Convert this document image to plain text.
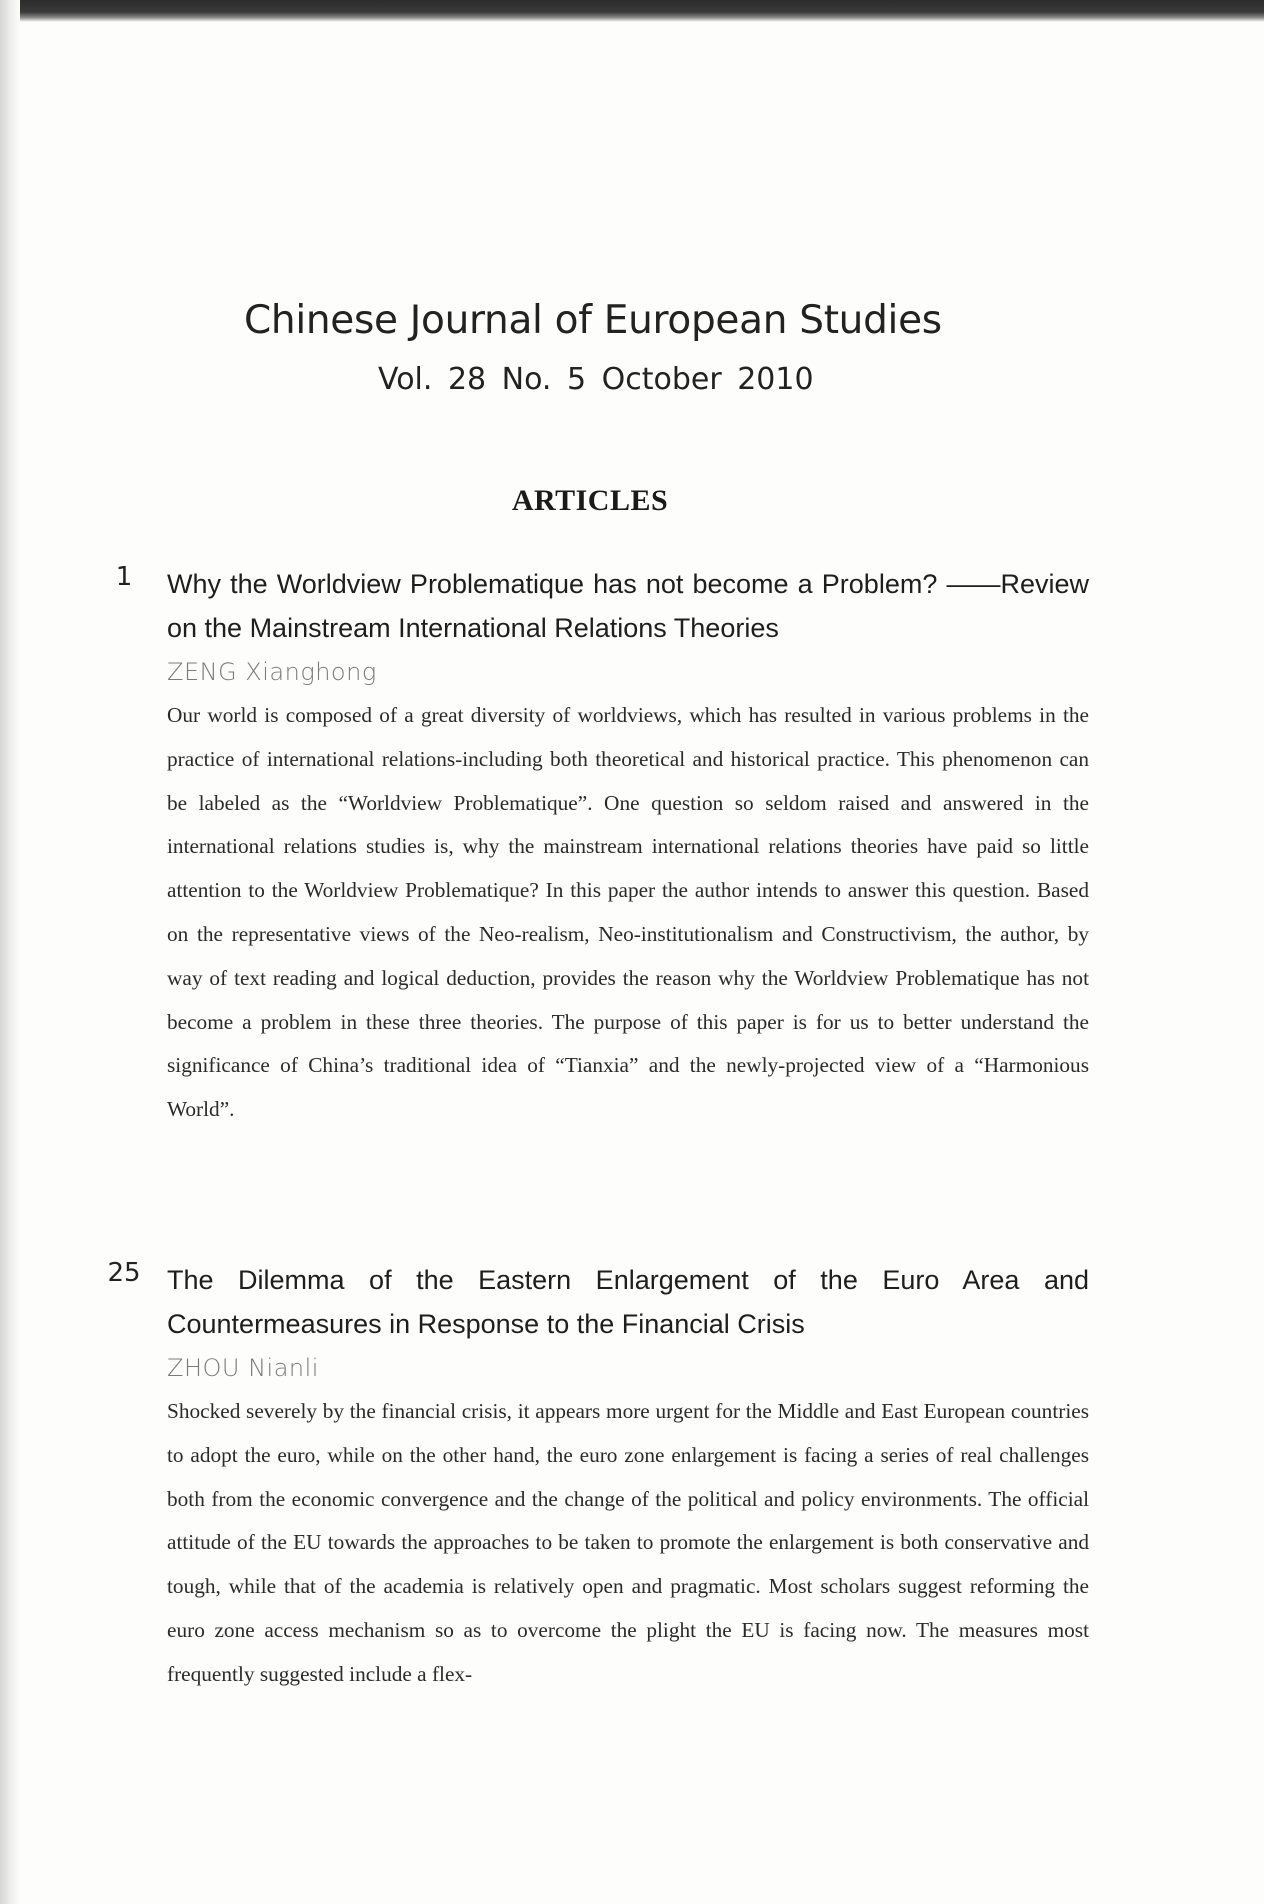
Chinese Journal of European Studies
Vol. 28 No. 5 October 2010
ARTICLES
1	Why the Worldview Problematique has not become a Problem? ——Review on the Mainstream International Relations Theories

ZENG Xianghong

Our world is composed of a great diversity of worldviews, which has resulted in various problems in the practice of international relations-including both theoretical and historical practice. This phenomenon can be labeled as the “Worldview Problematique”. One question so seldom raised and answered in the international relations studies is, why the mainstream international relations theories have paid so little attention to the Worldview Problematique? In this paper the author intends to answer this question. Based on the representative views of the Neo-realism, Neo-institutionalism and Constructivism, the author, by way of text reading and logical deduction, provides the reason why the Worldview Problematique has not become a problem in these three theories. The purpose of this paper is for us to better understand the significance of China’s traditional idea of “Tianxia” and the newly-projected view of a “Harmonious World”.

25 The Dilemma of the Eastern Enlargement of the Euro Area and Countermeasures in Response to the Financial Crisis

ZHOU Nianli

Shocked severely by the financial crisis, it appears more urgent for the Middle and East European countries to adopt the euro, while on the other hand, the euro zone enlargement is facing a series of real challenges both from the economic convergence and the change of the political and policy environments. The official attitude of the EU towards the approaches to be taken to promote the enlargement is both conservative and tough, while that of the academia is relatively open and pragmatic. Most scholars suggest reforming the euro zone access mechanism so as to overcome the plight the EU is facing now. The measures most frequently suggested include a flex-
